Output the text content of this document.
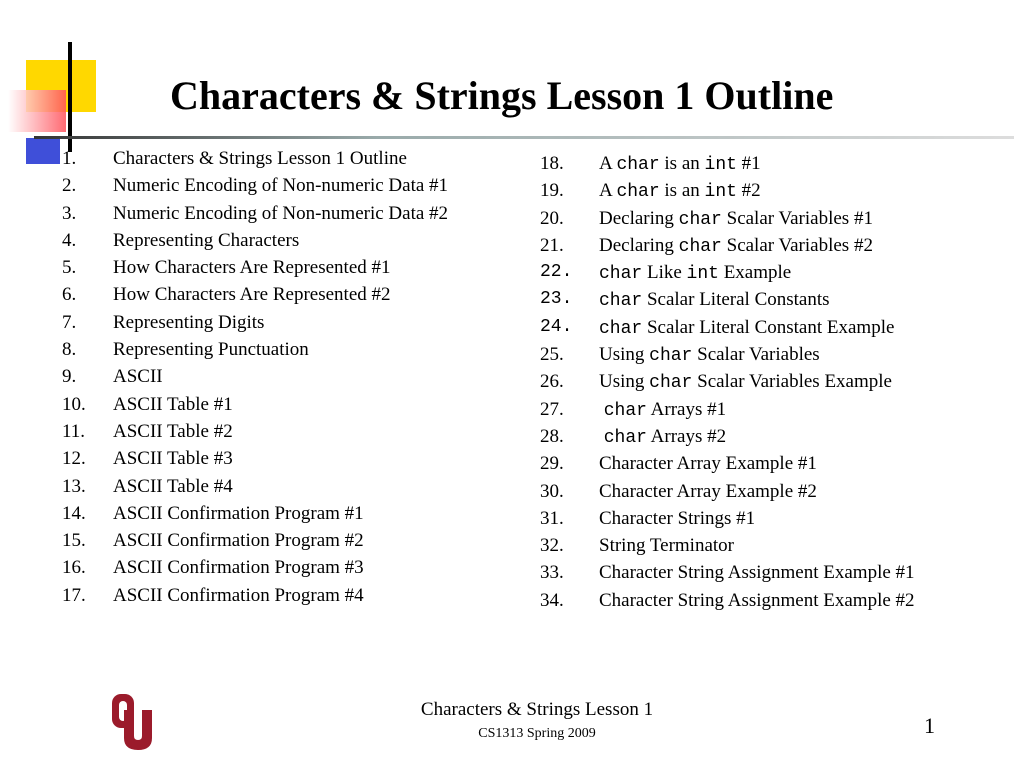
Characters & Strings Lesson 1 Outline
1.	Characters & Strings Lesson 1 Outline
2.	Numeric Encoding of Non-numeric Data #1
3.	Numeric Encoding of Non-numeric Data #2
4.	Representing Characters
5.	How Characters Are Represented #1
6.	How Characters Are Represented #2
7.	Representing Digits
8.	Representing Punctuation
9.	ASCII
10.	ASCII Table #1
11.	ASCII Table #2
12.	ASCII Table #3
13.	ASCII Table #4
14.	ASCII Confirmation Program #1
15.	ASCII Confirmation Program #2
16.	ASCII Confirmation Program #3
17.	ASCII Confirmation Program #4
18.	A char is an int #1
19.	A char is an int #2
20.	Declaring char Scalar Variables #1
21.	Declaring char Scalar Variables #2
22.	char Like int Example
23.	char Scalar Literal Constants
24.	char Scalar Literal Constant Example
25.	Using char Scalar Variables
26.	Using char Scalar Variables Example
27.	char Arrays #1
28.	char Arrays #2
29.	Character Array Example #1
30.	Character Array Example #2
31.	Character Strings #1
32.	String Terminator
33.	Character String Assignment Example #1
34.	Character String Assignment Example #2
Characters & Strings Lesson 1
CS1313 Spring 2009	1
